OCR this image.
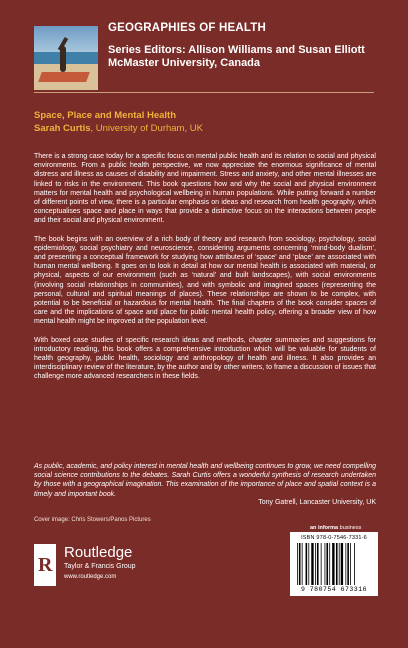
GEOGRAPHIES OF HEALTH
Series Editors: Allison Williams and Susan Elliott
McMaster University, Canada
Space, Place and Mental Health
Sarah Curtis, University of Durham, UK

There is a strong case today for a specific focus on mental public health and its relation to social and physical environments. From a public health perspective, we now appreciate the enormous significance of mental distress and illness as causes of disability and impairment. Stress and anxiety, and other mental illnesses are linked to risks in the environment. This book questions how and why the social and physical environment matters for mental health and psychological wellbeing in human populations. While putting forward a number of different points of view, there is a particular emphasis on ideas and research from health geography, which conceptualises space and place in ways that provide a distinctive focus on the interactions between people and their social and physical environment.

The book begins with an overview of a rich body of theory and research from sociology, psychology, social epidemiology, social psychiatry and neuroscience, considering arguments concerning ‘mind-body dualism’, and presenting a conceptual framework for studying how attributes of ‘space’ and ‘place’ are associated with human mental wellbeing. It goes on to look in detail at how our mental health is associated with material, or physical, aspects of our environment (such as ‘natural’ and built landscapes), with social environments (involving social relationships in communities), and with symbolic and imagined spaces (representing the personal, cultural and spiritual meanings of places). These relationships are shown to be complex, with potential to be beneficial or hazardous for mental health. The final chapters of the book consider spaces of care and the implications of space and place for public mental health policy, offering a broader view of how mental health might be improved at the population level.

With boxed case studies of specific research ideas and methods, chapter summaries and suggestions for introductory reading, this book offers a comprehensive introduction which will be valuable for students of health geography, public health, sociology and anthropology of health and illness. It also provides an interdisciplinary review of the literature, by the author and by other writers, to frame a discussion of issues that challenge more advanced researchers in these fields.

As public, academic, and policy interest in mental health and wellbeing continues to grow, we need compelling social science contributions to the debates. Sarah Curtis offers a wonderful synthesis of research undertaken by those with a geographical imagination. This examination of the importance of place and spatial context is a timely and important book.
Tony Gatrell, Lancaster University, UK
Cover image: Chris Stowers/Panos Pictures
an informa business
R
Routledge
Taylor & Francis Group
www.routledge.com
ISBN 978-0-7546-7331-6
9 780754 673316
